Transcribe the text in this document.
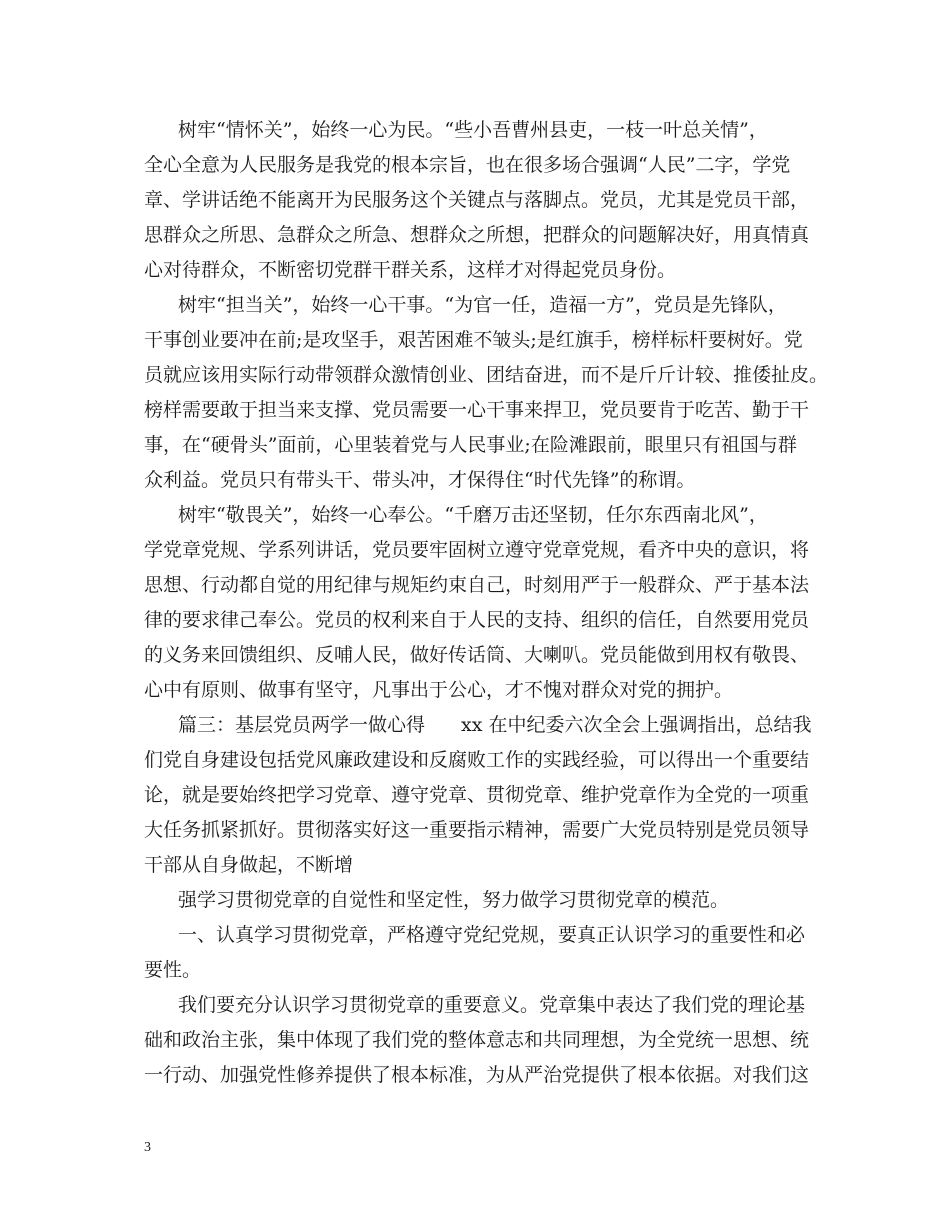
树牢“情怀关”，始终一心为民。“些小吾曹州县吏，一枝一叶总关情”，
全心全意为人民服务是我党的根本宗旨，也在很多场合强调“人民”二字，学党
章、学讲话绝不能离开为民服务这个关键点与落脚点。党员，尤其是党员干部，
思群众之所思、急群众之所急、想群众之所想，把群众的问题解决好，用真情真
心对待群众，不断密切党群干群关系，这样才对得起党员身份。
树牢“担当关”，始终一心干事。“为官一任，造福一方”，党员是先锋队，
干事创业要冲在前;是攻坚手，艰苦困难不皱头;是红旗手，榜样标杆要树好。党
员就应该用实际行动带领群众激情创业、团结奋进，而不是斤斤计较、推倭扯皮。
榜样需要敢于担当来支撑、党员需要一心干事来捍卫，党员要肯于吃苦、勤于干
事，在“硬骨头”面前，心里装着党与人民事业;在险滩跟前，眼里只有祖国与群
众利益。党员只有带头干、带头冲，才保得住“时代先锋”的称谓。
树牢“敬畏关”，始终一心奉公。“千磨万击还坚韧，任尔东西南北风”，
学党章党规、学系列讲话，党员要牢固树立遵守党章党规，看齐中央的意识，将
思想、行动都自觉的用纪律与规矩约束自己，时刻用严于一般群众、严于基本法
律的要求律己奉公。党员的权利来自于人民的支持、组织的信任，自然要用党员
的义务来回馈组织、反哺人民，做好传话筒、大喇叭。党员能做到用权有敬畏、
心中有原则、做事有坚守，凡事出于公心，才不愧对群众对党的拥护。
篇三：基层党员两学一做心得 xx 在中纪委六次全会上强调指出，总结我
们党自身建设包括党风廉政建设和反腐败工作的实践经验，可以得出一个重要结
论，就是要始终把学习党章、遵守党章、贯彻党章、维护党章作为全党的一项重
大任务抓紧抓好。贯彻落实好这一重要指示精神，需要广大党员特别是党员领导
干部从自身做起，不断增
强学习贯彻党章的自觉性和坚定性，努力做学习贯彻党章的模范。
一、认真学习贯彻党章，严格遵守党纪党规，要真正认识学习的重要性和必
要性。
我们要充分认识学习贯彻党章的重要意义。党章集中表达了我们党的理论基
础和政治主张，集中体现了我们党的整体意志和共同理想，为全党统一思想、统
一行动、加强党性修养提供了根本标准，为从严治党提供了根本依据。对我们这
3
